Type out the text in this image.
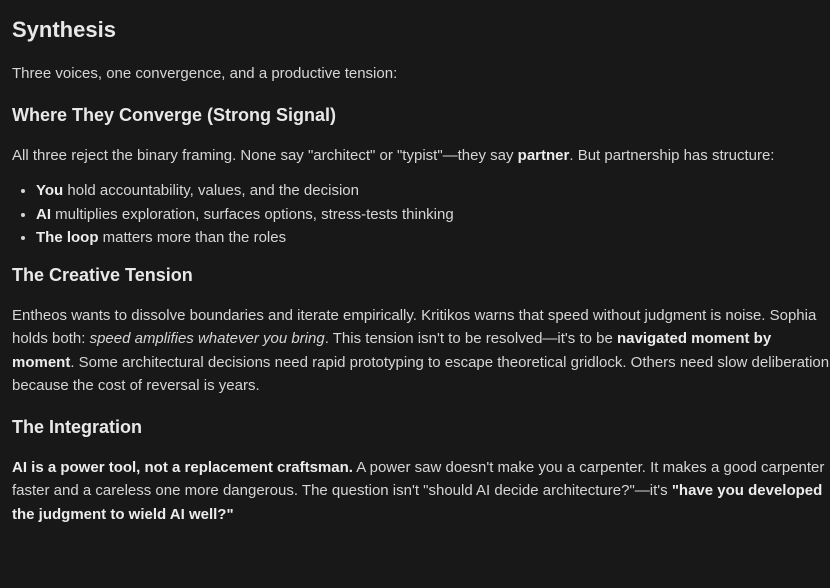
Synthesis

Three voices, one convergence, and a productive tension:

Where They Converge (Strong Signal)

All three reject the binary framing. None say "architect" or "typist"—they say partner. But partnership has structure:

• You hold accountability, values, and the decision
• AI multiplies exploration, surfaces options, stress-tests thinking
• The loop matters more than the roles
The Creative Tension

Entheos wants to dissolve boundaries and iterate empirically. Kritikos warns that speed without judgment is noise. Sophia holds both: speed amplifies whatever you bring. This tension isn't to be resolved—it's to be navigated moment by moment. Some architectural decisions need rapid prototyping to escape theoretical gridlock. Others need slow deliberation because the cost of reversal is years.

The Integration

AI is a power tool, not a replacement craftsman. A power saw doesn't make you a carpenter. It makes a good carpenter faster and a careless one more dangerous. The question isn't "should AI decide architecture?"—it's "have you developed the judgment to wield AI well?"
